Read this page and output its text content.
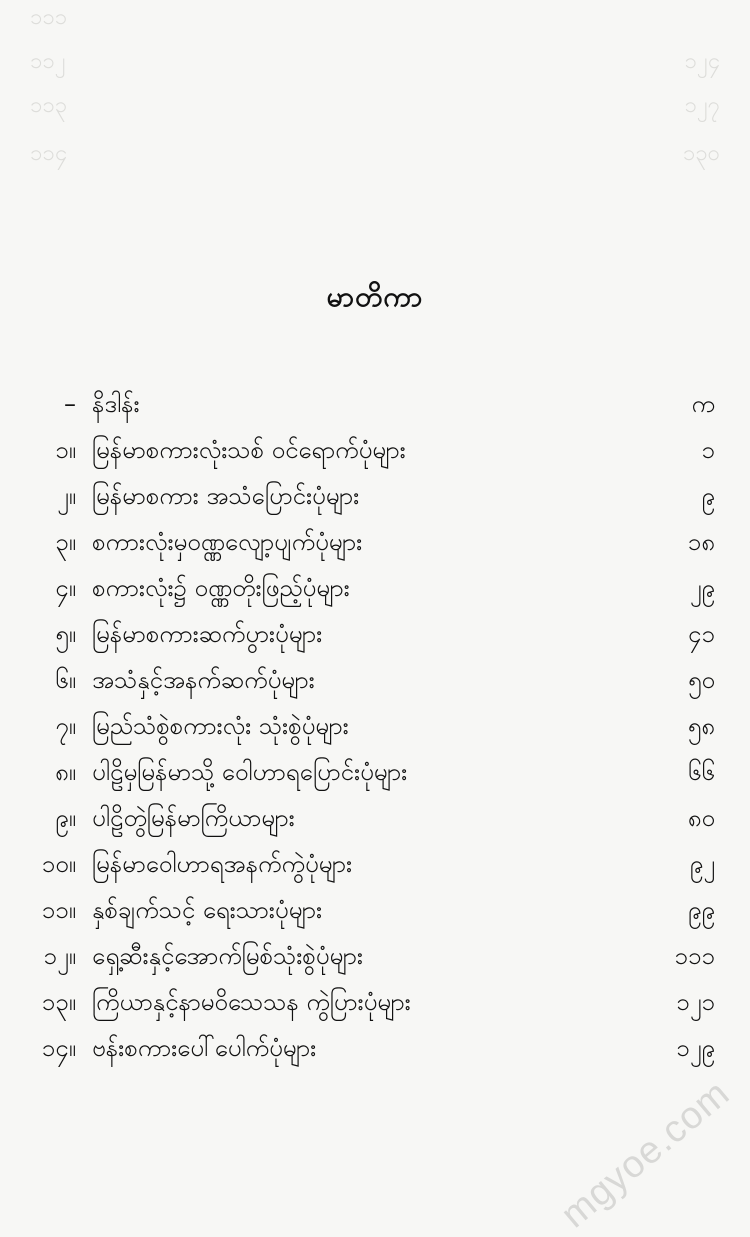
၁၁၁
၁၁၂	၁၂၄
၁၁၃	၁၂၇
၁၁၄	၁၃၀
မာတိကာ
– နိဒါန်း	က
၁။ မြန်မာစကားလုံးသစ် ဝင်ရောက်ပုံများ	၁
၂။ မြန်မာစကား အသံပြောင်းပုံများ	၉
၃။ စကားလုံးမှဝဏ္ဏလျော့ပျက်ပုံများ	၁၈
၄။ စကားလုံး၌ ဝဏ္ဏတိုးဖြည့်ပုံများ	၂၉
၅။ မြန်မာစကားဆက်ပွားပုံများ	၄၁
၆။ အသံနှင့်အနက်ဆက်ပုံများ	၅၀
၇။ မြည်သံစွဲစကားလုံး သုံးစွဲပုံများ	၅၈
၈။ ပါဠိမှမြန်မာသို့ ဝေါဟာရပြောင်းပုံများ	၆၆
၉။ ပါဠိတွဲမြန်မာကြိယာများ	၈၀
၁၀။ မြန်မာဝေါဟာရအနက်ကွဲပုံများ	၉၂
၁၁။ နှစ်ချက်သင့် ရေးသားပုံများ	၉၉
၁၂။ ရှေ့ဆီးနှင့်အောက်မြစ်သုံးစွဲပုံများ	၁၁၁
၁၃။ ကြိယာနှင့်နာမဝိသေသန ကွဲပြားပုံများ	၁၂၁
၁၄။ ဗန်းစကားပေါ်ပေါက်ပုံများ	၁၂၉
mgyoe.com
